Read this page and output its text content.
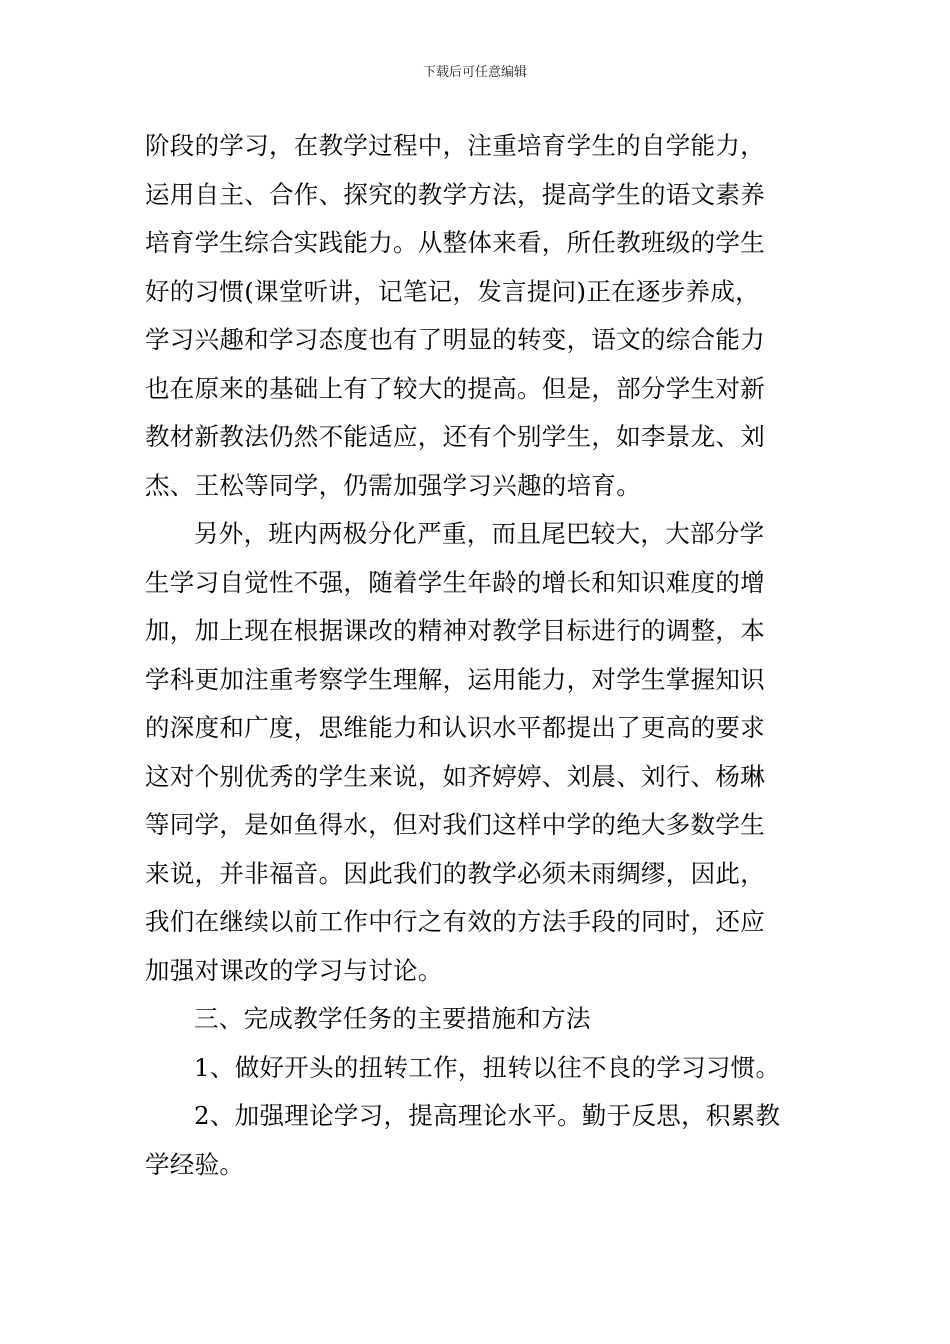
下载后可任意编辑
阶段的学习，在教学过程中，注重培育学生的自学能力，
运用自主、合作、探究的教学方法，提高学生的语文素养
培育学生综合实践能力。从整体来看，所任教班级的学生
好的习惯(课堂听讲，记笔记，发言提问)正在逐步养成，
学习兴趣和学习态度也有了明显的转变，语文的综合能力
也在原来的基础上有了较大的提高。但是，部分学生对新
教材新教法仍然不能适应，还有个别学生，如李景龙、刘
杰、王松等同学，仍需加强学习兴趣的培育。
另外，班内两极分化严重，而且尾巴较大，大部分学
生学习自觉性不强，随着学生年龄的增长和知识难度的增
加，加上现在根据课改的精神对教学目标进行的调整，本
学科更加注重考察学生理解，运用能力，对学生掌握知识
的深度和广度，思维能力和认识水平都提出了更高的要求
这对个别优秀的学生来说，如齐婷婷、刘晨、刘行、杨琳
等同学，是如鱼得水，但对我们这样中学的绝大多数学生
来说，并非福音。因此我们的教学必须未雨绸缪，因此，
我们在继续以前工作中行之有效的方法手段的同时，还应
加强对课改的学习与讨论。
三、完成教学任务的主要措施和方法
1、做好开头的扭转工作，扭转以往不良的学习习惯。
2、加强理论学习，提高理论水平。勤于反思，积累教
学经验。
